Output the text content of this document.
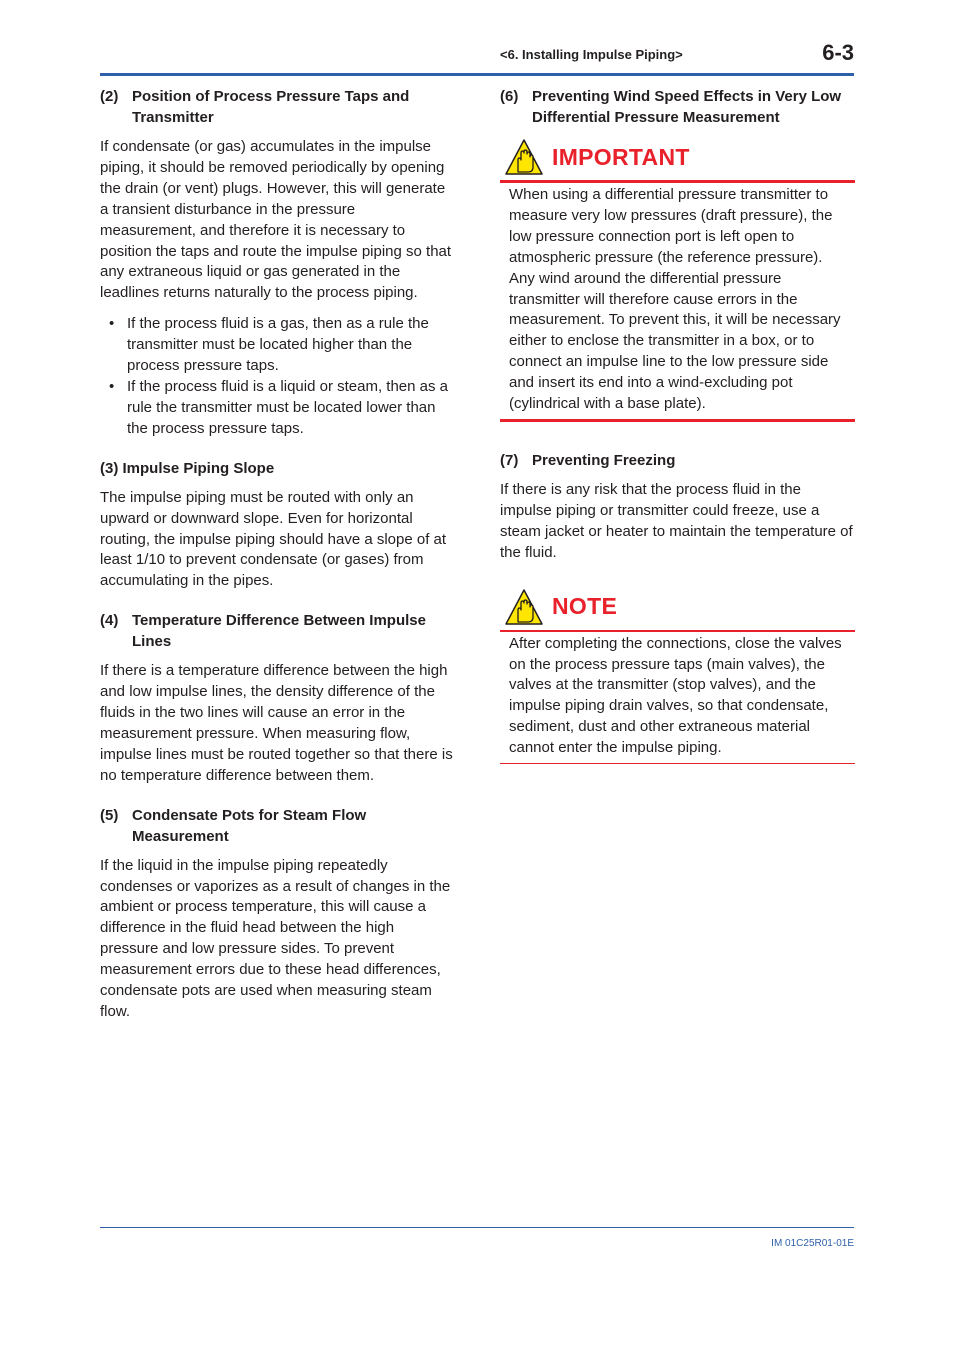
<6. Installing Impulse Piping>	6-3
(2) Position of Process Pressure Taps and Transmitter

If condensate (or gas) accumulates in the impulse piping, it should be removed periodically by opening the drain (or vent) plugs. However, this will generate a transient disturbance in the pressure measurement, and therefore it is necessary to position the taps and route the impulse piping so that any extraneous liquid or gas generated in the leadlines returns naturally to the process piping.

• If the process fluid is a gas, then as a rule the transmitter must be located higher than the process pressure taps.
• If the process fluid is a liquid or steam, then as a rule the transmitter must be located lower than the process pressure taps.
(3) Impulse Piping Slope

The impulse piping must be routed with only an upward or downward slope. Even for horizontal routing, the impulse piping should have a slope of at least 1/10 to prevent condensate (or gases) from accumulating in the pipes.

(4) Temperature Difference Between Impulse Lines

If there is a temperature difference between the high and low impulse lines, the density difference of the fluids in the two lines will cause an error in the measurement pressure. When measuring flow, impulse lines must be routed together so that there is no temperature difference between them.

(5) Condensate Pots for Steam Flow Measurement

If the liquid in the impulse piping repeatedly condenses or vaporizes as a result of changes in the ambient or process temperature, this will cause a difference in the fluid head between the high pressure and low pressure sides. To prevent measurement errors due to these head differences, condensate pots are used when measuring steam flow.

(6) Preventing Wind Speed Effects in Very Low Differential Pressure Measurement
IMPORTANT
When using a differential pressure transmitter to measure very low pressures (draft pressure), the low pressure connection port is left open to atmospheric pressure (the reference pressure). Any wind around the differential pressure transmitter will therefore cause errors in the measurement. To prevent this, it will be necessary either to enclose the transmitter in a box, or to connect an impulse line to the low pressure side and insert its end into a wind-excluding pot (cylindrical with a base plate).
(7) Preventing Freezing

If there is any risk that the process fluid in the impulse piping or transmitter could freeze, use a steam jacket or heater to maintain the temperature of the fluid.

NOTE
After completing the connections, close the valves on the process pressure taps (main valves), the valves at the transmitter (stop valves), and the impulse piping drain valves, so that condensate, sediment, dust and other extraneous material cannot enter the impulse piping.
IM 01C25R01-01E
